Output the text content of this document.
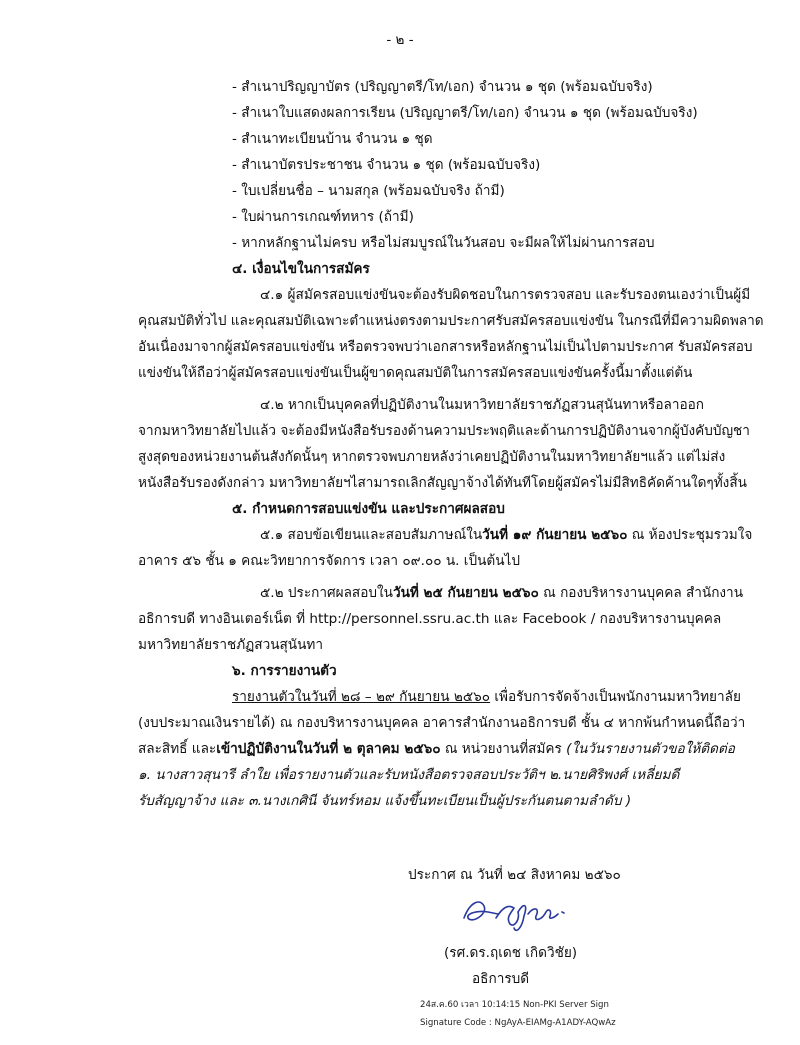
- ๒ -
- สำเนาปริญญาบัตร (ปริญญาตรี/โท/เอก) จำนวน ๑ ชุด (พร้อมฉบับจริง)
- สำเนาใบแสดงผลการเรียน (ปริญญาตรี/โท/เอก) จำนวน ๑ ชุด (พร้อมฉบับจริง)
- สำเนาทะเบียนบ้าน จำนวน ๑ ชุด
- สำเนาบัตรประชาชน จำนวน ๑ ชุด (พร้อมฉบับจริง)
- ใบเปลี่ยนชื่อ – นามสกุล (พร้อมฉบับจริง ถ้ามี)
- ใบผ่านการเกณฑ์ทหาร (ถ้ามี)
- หากหลักฐานไม่ครบ หรือไม่สมบูรณ์ในวันสอบ จะมีผลให้ไม่ผ่านการสอบ
๔. เงื่อนไขในการสมัคร
๔.๑ ผู้สมัครสอบแข่งขันจะต้องรับผิดชอบในการตรวจสอบ และรับรองตนเองว่าเป็นผู้มี
คุณสมบัติทั่วไป และคุณสมบัติเฉพาะตำแหน่งตรงตามประกาศรับสมัครสอบแข่งขัน ในกรณีที่มีความผิดพลาด
อันเนื่องมาจากผู้สมัครสอบแข่งขัน หรือตรวจพบว่าเอกสารหรือหลักฐานไม่เป็นไปตามประกาศ รับสมัครสอบ
แข่งขันให้ถือว่าผู้สมัครสอบแข่งขันเป็นผู้ขาดคุณสมบัติในการสมัครสอบแข่งขันครั้งนี้มาตั้งแต่ต้น
๔.๒ หากเป็นบุคคลที่ปฏิบัติงานในมหาวิทยาลัยราชภัฏสวนสุนันทาหรือลาออก
จากมหาวิทยาลัยไปแล้ว จะต้องมีหนังสือรับรองด้านความประพฤติและด้านการปฏิบัติงานจากผู้บังคับบัญชา
สูงสุดของหน่วยงานต้นสังกัดนั้นๆ หากตรวจพบภายหลังว่าเคยปฏิบัติงานในมหาวิทยาลัยฯแล้ว แต่ไม่ส่ง
หนังสือรับรองดังกล่าว มหาวิทยาลัยฯไสามารถเลิกสัญญาจ้างได้ทันทีโดยผู้สมัครไม่มีสิทธิคัดค้านใดๆทั้งสิ้น
๕. กำหนดการสอบแข่งขัน และประกาศผลสอบ
๕.๑ สอบข้อเขียนและสอบสัมภาษณ์ในวันที่ ๑๙ กันยายน ๒๕๖๐ ณ ห้องประชุมรวมใจ
อาคาร ๕๖ ชั้น ๑ คณะวิทยาการจัดการ เวลา ๐๙.๐๐ น. เป็นต้นไป
๕.๒ ประกาศผลสอบในวันที่ ๒๕ กันยายน ๒๕๖๐ ณ กองบริหารงานบุคคล สำนักงาน
อธิการบดี ทางอินเตอร์เน็ต ที่ http://personnel.ssru.ac.th และ Facebook / กองบริหารงานบุคคล
มหาวิทยาลัยราชภัฏสวนสุนันทา
๖. การรายงานตัว
รายงานตัวในวันที่ ๒๘ – ๒๙ กันยายน ๒๕๖๐ เพื่อรับการจัดจ้างเป็นพนักงานมหาวิทยาลัย
(งบประมาณเงินรายได้) ณ กองบริหารงานบุคคล อาคารสำนักงานอธิการบดี ชั้น ๔ หากพ้นกำหนดนี้ถือว่า
สละสิทธิ์ และเข้าปฏิบัติงานในวันที่ ๒ ตุลาคม ๒๕๖๐ ณ หน่วยงานที่สมัคร (ในวันรายงานตัวขอให้ติดต่อ
๑. นางสาวสุนารี ลำใย เพื่อรายงานตัวและรับหนังสือตรวจสอบประวัติฯ ๒.นายศิริพงศ์ เหลี่ยมดี
รับสัญญาจ้าง และ ๓.นางเกศินี จันทร์หอม แจ้งขึ้นทะเบียนเป็นผู้ประกันตนตามลำดับ )
ประกาศ ณ วันที่ ๒๔ สิงหาคม ๒๕๖๐
(รศ.ดร.ฤเดช เกิดวิชัย)
อธิการบดี
24ส.ค.60 เวลา 10:14:15 Non-PKI Server Sign
Signature Code : NgAyA-EIAMg-A1ADY-AQwAz
